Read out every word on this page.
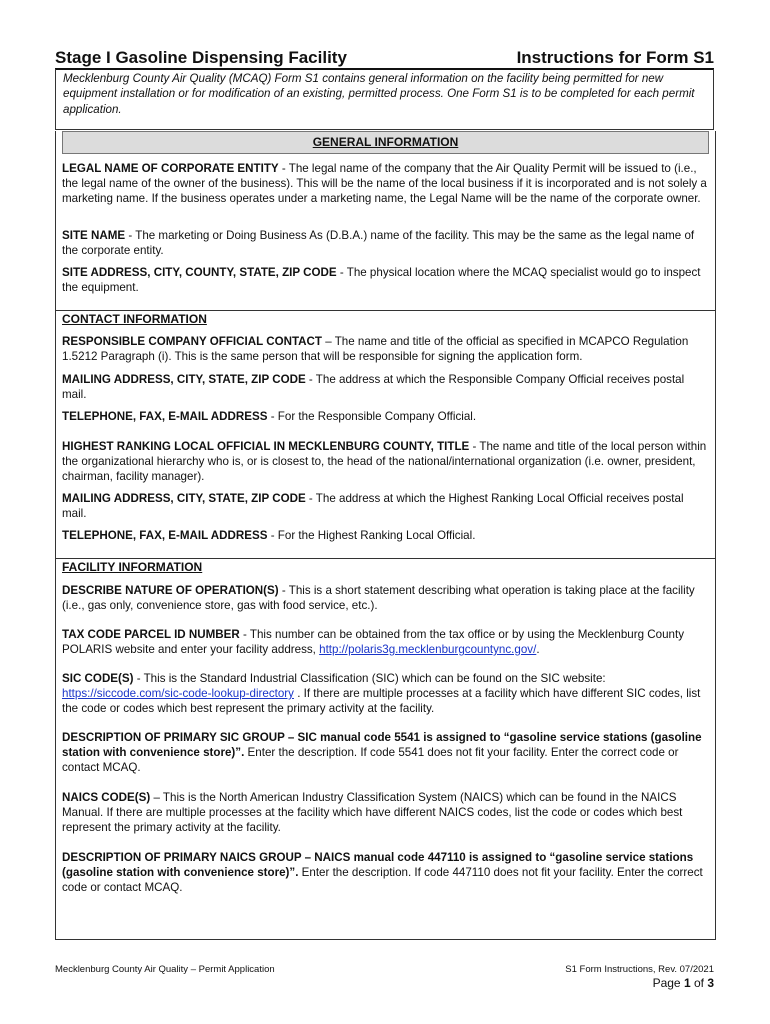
Stage I Gasoline Dispensing Facility	Instructions for Form S1
Mecklenburg County Air Quality (MCAQ) Form S1 contains general information on the facility being permitted for new equipment installation or for modification of an existing, permitted process. One Form S1 is to be completed for each permit application.
GENERAL INFORMATION
LEGAL NAME OF CORPORATE ENTITY - The legal name of the company that the Air Quality Permit will be issued to (i.e., the legal name of the owner of the business). This will be the name of the local business if it is incorporated and is not solely a marketing name. If the business operates under a marketing name, the Legal Name will be the name of the corporate owner.
SITE NAME - The marketing or Doing Business As (D.B.A.) name of the facility. This may be the same as the legal name of the corporate entity.
SITE ADDRESS, CITY, COUNTY, STATE, ZIP CODE - The physical location where the MCAQ specialist would go to inspect the equipment.
CONTACT INFORMATION
RESPONSIBLE COMPANY OFFICIAL CONTACT – The name and title of the official as specified in MCAPCO Regulation 1.5212 Paragraph (i). This is the same person that will be responsible for signing the application form.
MAILING ADDRESS, CITY, STATE, ZIP CODE - The address at which the Responsible Company Official receives postal mail.
TELEPHONE, FAX, E-MAIL ADDRESS - For the Responsible Company Official.
HIGHEST RANKING LOCAL OFFICIAL IN MECKLENBURG COUNTY, TITLE - The name and title of the local person within the organizational hierarchy who is, or is closest to, the head of the national/international organization (i.e. owner, president, chairman, facility manager).
MAILING ADDRESS, CITY, STATE, ZIP CODE - The address at which the Highest Ranking Local Official receives postal mail.
TELEPHONE, FAX, E-MAIL ADDRESS - For the Highest Ranking Local Official.
FACILITY INFORMATION
DESCRIBE NATURE OF OPERATION(S) - This is a short statement describing what operation is taking place at the facility (i.e., gas only, convenience store, gas with food service, etc.).
TAX CODE PARCEL ID NUMBER - This number can be obtained from the tax office or by using the Mecklenburg County POLARIS website and enter your facility address, http://polaris3g.mecklenburgcountync.gov/.
SIC CODE(S) - This is the Standard Industrial Classification (SIC) which can be found on the SIC website: https://siccode.com/sic-code-lookup-directory . If there are multiple processes at a facility which have different SIC codes, list the code or codes which best represent the primary activity at the facility.
DESCRIPTION OF PRIMARY SIC GROUP – SIC manual code 5541 is assigned to “gasoline service stations (gasoline station with convenience store)”. Enter the description. If code 5541 does not fit your facility. Enter the correct code or contact MCAQ.
NAICS CODE(S) – This is the North American Industry Classification System (NAICS) which can be found in the NAICS Manual. If there are multiple processes at the facility which have different NAICS codes, list the code or codes which best represent the primary activity at the facility.
DESCRIPTION OF PRIMARY NAICS GROUP – NAICS manual code 447110 is assigned to “gasoline service stations (gasoline station with convenience store)”. Enter the description. If code 447110 does not fit your facility. Enter the correct code or contact MCAQ.
Mecklenburg County Air Quality – Permit Application	S1 Form Instructions, Rev. 07/2021
Page 1 of 3
